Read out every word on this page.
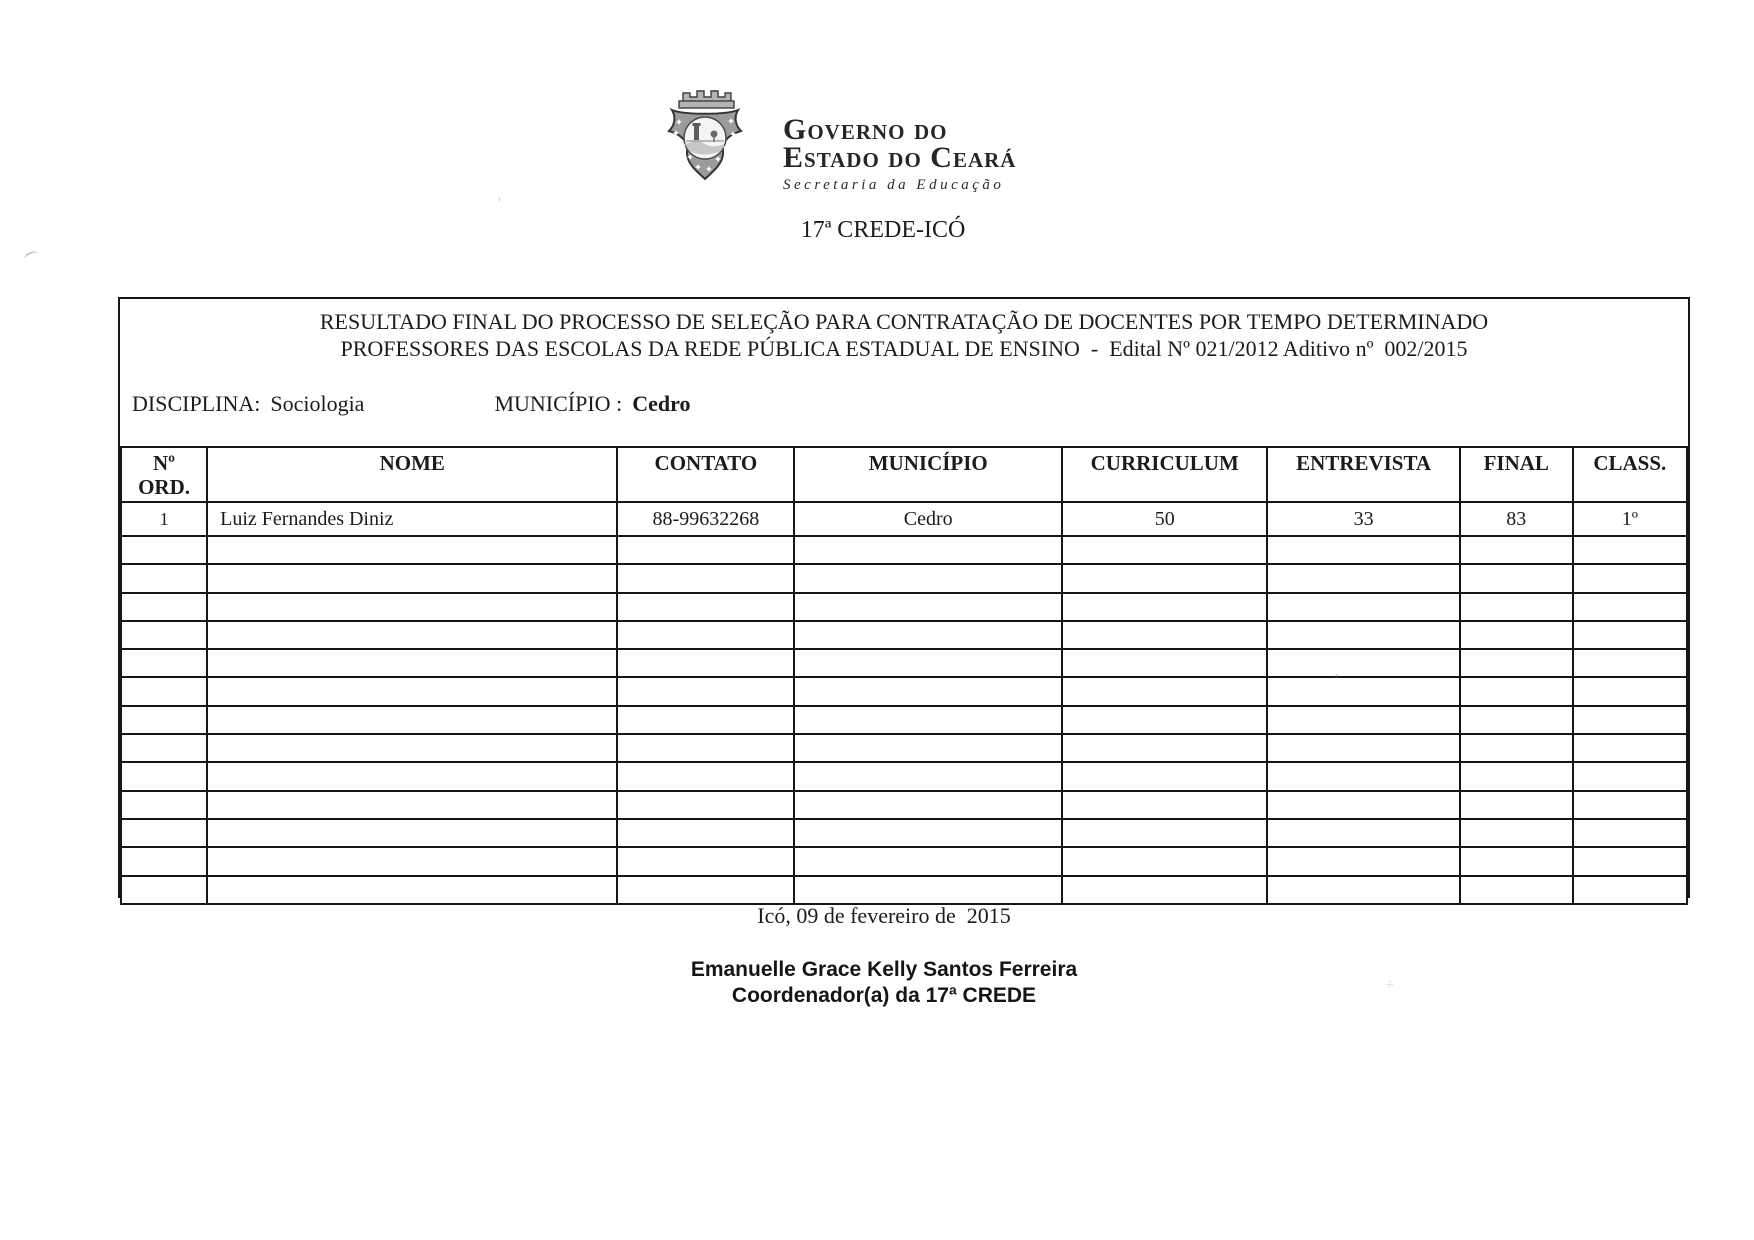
Governo do
Estado do Ceará
Secretaria da Educação
17ª CREDE-ICÓ
RESULTADO FINAL DO PROCESSO DE SELEÇÃO PARA CONTRATAÇÃO DE DOCENTES POR TEMPO DETERMINADO
PROFESSORES DAS ESCOLAS DA REDE PÚBLICA ESTADUAL DE ENSINO  -  Edital Nº 021/2012 Aditivo nº  002/2015
DISCIPLINA: Sociologia	MUNICÍPIO : Cedro
Nº
ORD.	NOME	CONTATO	MUNICÍPIO	CURRICULUM	ENTREVISTA	FINAL	CLASS.
1	Luiz Fernandes Diniz	88-99632268	Cedro	50	33	83	1º

Icó, 09 de fevereiro de  2015
Emanuelle Grace Kelly Santos Ferreira
Coordenador(a) da 17ª CREDE
’
’
÷
